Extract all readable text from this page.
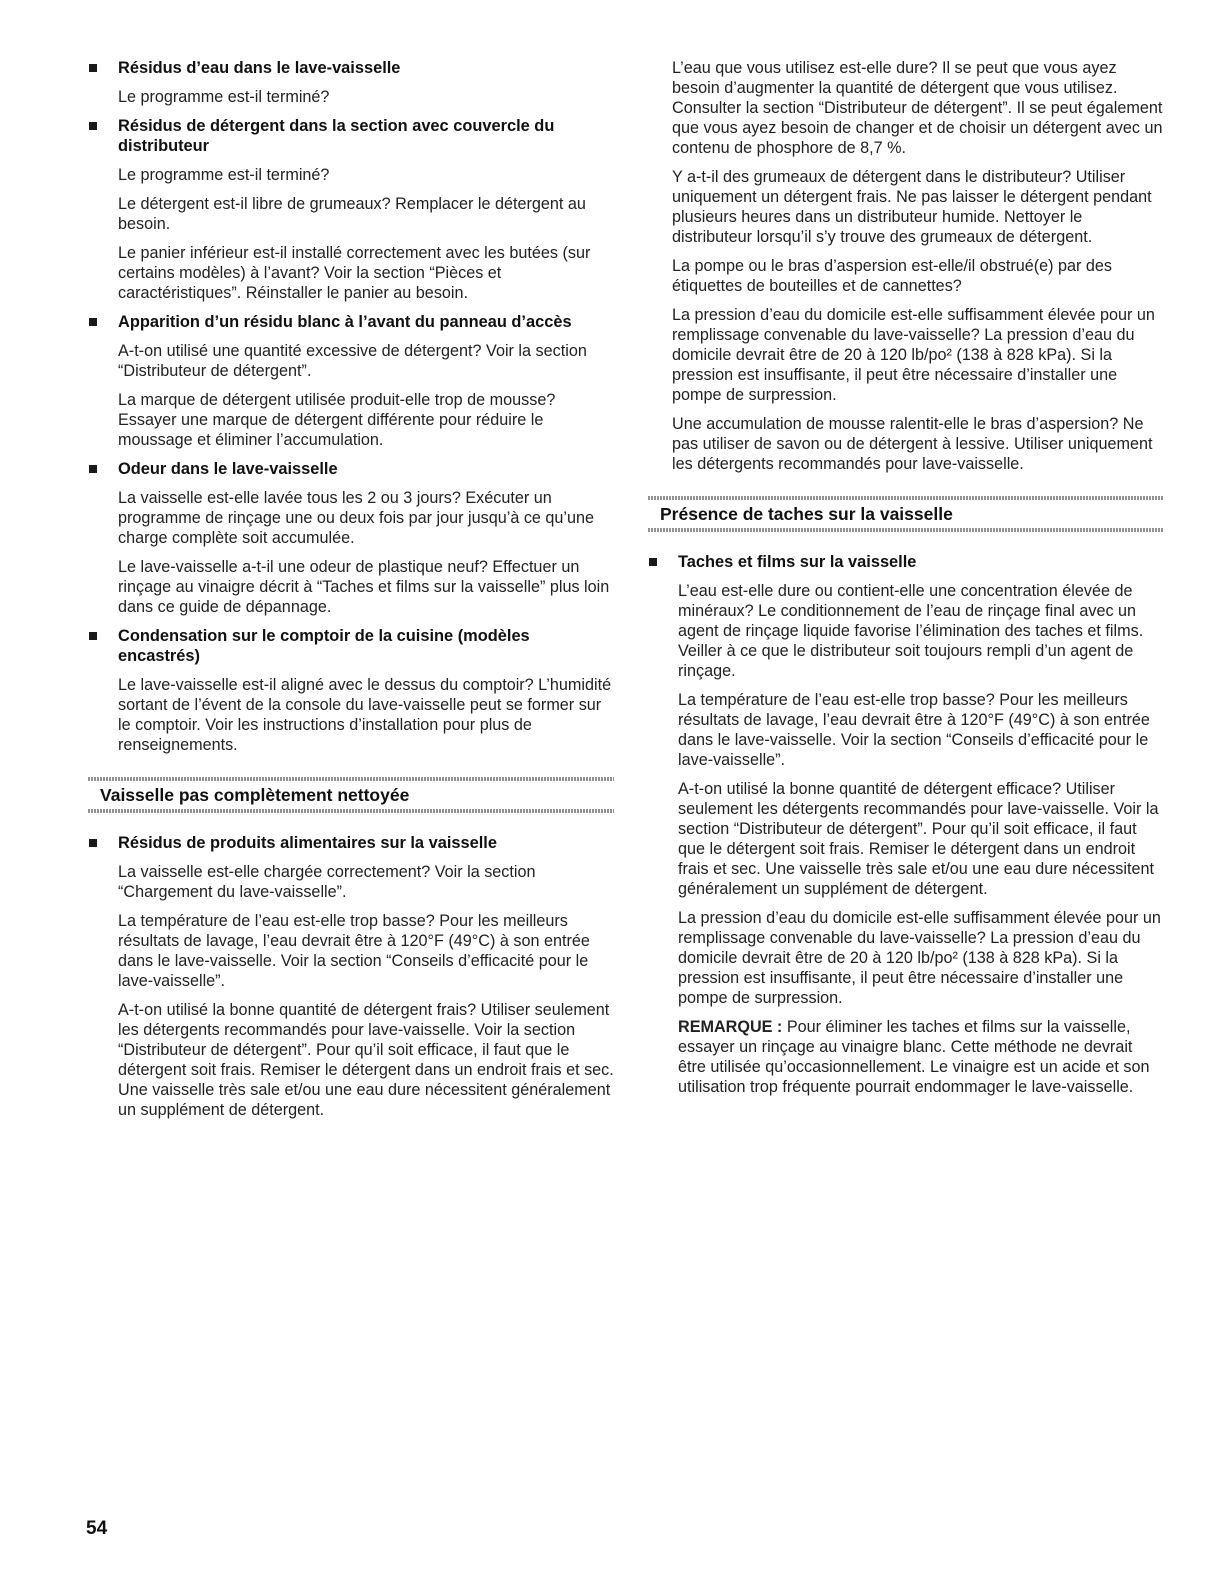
Résidus d’eau dans le lave-vaisselle

Le programme est-il terminé?

Résidus de détergent dans la section avec couvercle du distributeur

Le programme est-il terminé?

Le détergent est-il libre de grumeaux? Remplacer le détergent au besoin.

Le panier inférieur est-il installé correctement avec les butées (sur certains modèles) à l’avant? Voir la section “Pièces et caractéristiques”. Réinstaller le panier au besoin.

Apparition d’un résidu blanc à l’avant du panneau d’accès

A-t-on utilisé une quantité excessive de détergent? Voir la section “Distributeur de détergent”.

La marque de détergent utilisée produit-elle trop de mousse? Essayer une marque de détergent différente pour réduire le moussage et éliminer l’accumulation.

Odeur dans le lave-vaisselle

La vaisselle est-elle lavée tous les 2 ou 3 jours? Exécuter un programme de rinçage une ou deux fois par jour jusqu’à ce qu’une charge complète soit accumulée.

Le lave-vaisselle a-t-il une odeur de plastique neuf? Effectuer un rinçage au vinaigre décrit à “Taches et films sur la vaisselle” plus loin dans ce guide de dépannage.

Condensation sur le comptoir de la cuisine (modèles encastrés)

Le lave-vaisselle est-il aligné avec le dessus du comptoir? L’humidité sortant de l’évent de la console du lave-vaisselle peut se former sur le comptoir. Voir les instructions d’installation pour plus de renseignements.

Vaisselle pas complètement nettoyée

Résidus de produits alimentaires sur la vaisselle

La vaisselle est-elle chargée correctement? Voir la section “Chargement du lave-vaisselle”.

La température de l’eau est-elle trop basse? Pour les meilleurs résultats de lavage, l’eau devrait être à 120°F (49°C) à son entrée dans le lave-vaisselle. Voir la section “Conseils d’efficacité pour le lave-vaisselle”.

A-t-on utilisé la bonne quantité de détergent frais? Utiliser seulement les détergents recommandés pour lave-vaisselle. Voir la section “Distributeur de détergent”. Pour qu’il soit efficace, il faut que le détergent soit frais. Remiser le détergent dans un endroit frais et sec. Une vaisselle très sale et/ou une eau dure nécessitent généralement un supplément de détergent.

L’eau que vous utilisez est-elle dure? Il se peut que vous ayez besoin d’augmenter la quantité de détergent que vous utilisez. Consulter la section “Distributeur de détergent”. Il se peut également que vous ayez besoin de changer et de choisir un détergent avec un contenu de phosphore de 8,7 %.

Y a-t-il des grumeaux de détergent dans le distributeur? Utiliser uniquement un détergent frais. Ne pas laisser le détergent pendant plusieurs heures dans un distributeur humide. Nettoyer le distributeur lorsqu’il s’y trouve des grumeaux de détergent.

La pompe ou le bras d’aspersion est-elle/il obstrué(e) par des étiquettes de bouteilles et de cannettes?

La pression d’eau du domicile est-elle suffisamment élevée pour un remplissage convenable du lave-vaisselle? La pression d’eau du domicile devrait être de 20 à 120 lb/po² (138 à 828 kPa). Si la pression est insuffisante, il peut être nécessaire d’installer une pompe de surpression.

Une accumulation de mousse ralentit-elle le bras d’aspersion? Ne pas utiliser de savon ou de détergent à lessive. Utiliser uniquement les détergents recommandés pour lave-vaisselle.

Présence de taches sur la vaisselle

Taches et films sur la vaisselle

L’eau est-elle dure ou contient-elle une concentration élevée de minéraux? Le conditionnement de l’eau de rinçage final avec un agent de rinçage liquide favorise l’élimination des taches et films. Veiller à ce que le distributeur soit toujours rempli d’un agent de rinçage.

La température de l’eau est-elle trop basse? Pour les meilleurs résultats de lavage, l’eau devrait être à 120°F (49°C) à son entrée dans le lave-vaisselle. Voir la section “Conseils d’efficacité pour le lave-vaisselle”.

A-t-on utilisé la bonne quantité de détergent efficace? Utiliser seulement les détergents recommandés pour lave-vaisselle. Voir la section “Distributeur de détergent”. Pour qu’il soit efficace, il faut que le détergent soit frais. Remiser le détergent dans un endroit frais et sec. Une vaisselle très sale et/ou une eau dure nécessitent généralement un supplément de détergent.

La pression d’eau du domicile est-elle suffisamment élevée pour un remplissage convenable du lave-vaisselle? La pression d’eau du domicile devrait être de 20 à 120 lb/po² (138 à 828 kPa). Si la pression est insuffisante, il peut être nécessaire d’installer une pompe de surpression.

REMARQUE : Pour éliminer les taches et films sur la vaisselle, essayer un rinçage au vinaigre blanc. Cette méthode ne devrait être utilisée qu’occasionnellement. Le vinaigre est un acide et son utilisation trop fréquente pourrait endommager le lave-vaisselle.

54
